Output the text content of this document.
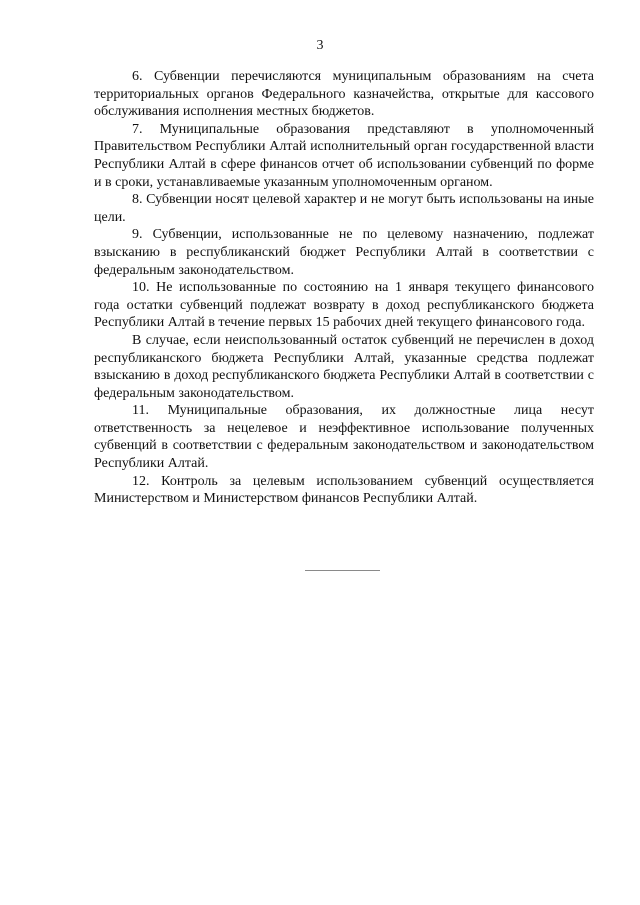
3

6. Субвенции перечисляются муниципальным образованиям на счета территориальных органов Федерального казначейства, открытые для кассового обслуживания исполнения местных бюджетов.

7. Муниципальные образования представляют в уполномоченный Правительством Республики Алтай исполнительный орган государственной власти Республики Алтай в сфере финансов отчет об использовании субвенций по форме и в сроки, устанавливаемые указанным уполномоченным органом.

8. Субвенции носят целевой характер и не могут быть использованы на иные цели.

9. Субвенции, использованные не по целевому назначению, подлежат взысканию в республиканский бюджет Республики Алтай в соответствии с федеральным законодательством.

10. Не использованные по состоянию на 1 января текущего финансового года остатки субвенций подлежат возврату в доход республиканского бюджета Республики Алтай в течение первых 15 рабочих дней текущего финансового года.

В случае, если неиспользованный остаток субвенций не перечислен в доход республиканского бюджета Республики Алтай, указанные средства подлежат взысканию в доход республиканского бюджета Республики Алтай в соответствии с федеральным законодательством.

11. Муниципальные образования, их должностные лица несут ответственность за нецелевое и неэффективное использование полученных субвенций в соответствии с федеральным законодательством и законодательством Республики Алтай.

12. Контроль за целевым использованием субвенций осуществляется Министерством и Министерством финансов Республики Алтай.
